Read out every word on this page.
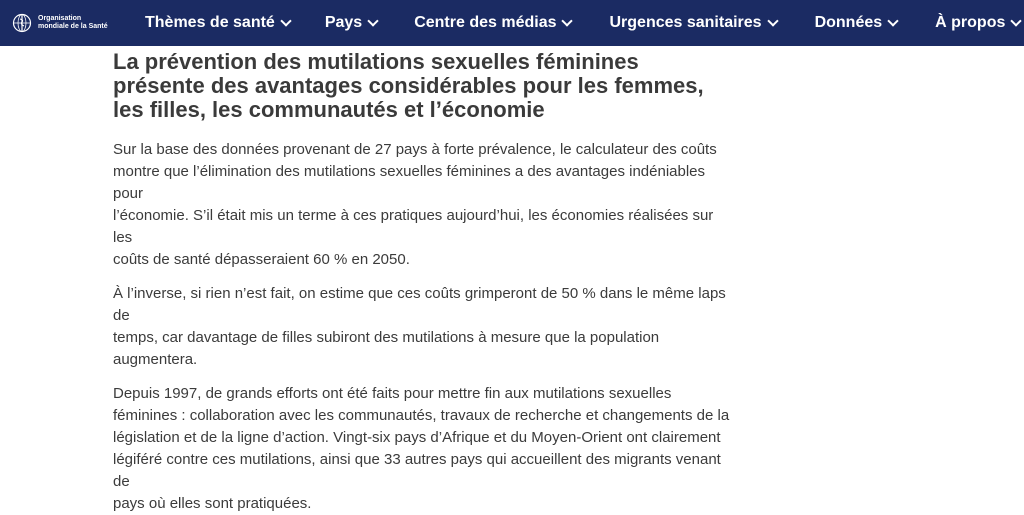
Organisation
mondiale de la Santé Thèmes de santé	Pays	Centre des médias	Urgences sanitaires	Données	À propos
La prévention des mutilations sexuelles féminines
présente des avantages considérables pour les femmes,
les filles, les communautés et l’économie
Sur la base des données provenant de 27 pays à forte prévalence, le calculateur des coûts
montre que l’élimination des mutilations sexuelles féminines a des avantages indéniables pour
l’économie. S’il était mis un terme à ces pratiques aujourd’hui, les économies réalisées sur les
coûts de santé dépasseraient 60 % en 2050.
À l’inverse, si rien n’est fait, on estime que ces coûts grimperont de 50 % dans le même laps de
temps, car davantage de filles subiront des mutilations à mesure que la population augmentera.
Depuis 1997, de grands efforts ont été faits pour mettre fin aux mutilations sexuelles
féminines : collaboration avec les communautés, travaux de recherche et changements de la
législation et de la ligne d’action. Vingt-six pays d’Afrique et du Moyen-Orient ont clairement
légiféré contre ces mutilations, ainsi que 33 autres pays qui accueillent des migrants venant de
pays où elles sont pratiquées.
